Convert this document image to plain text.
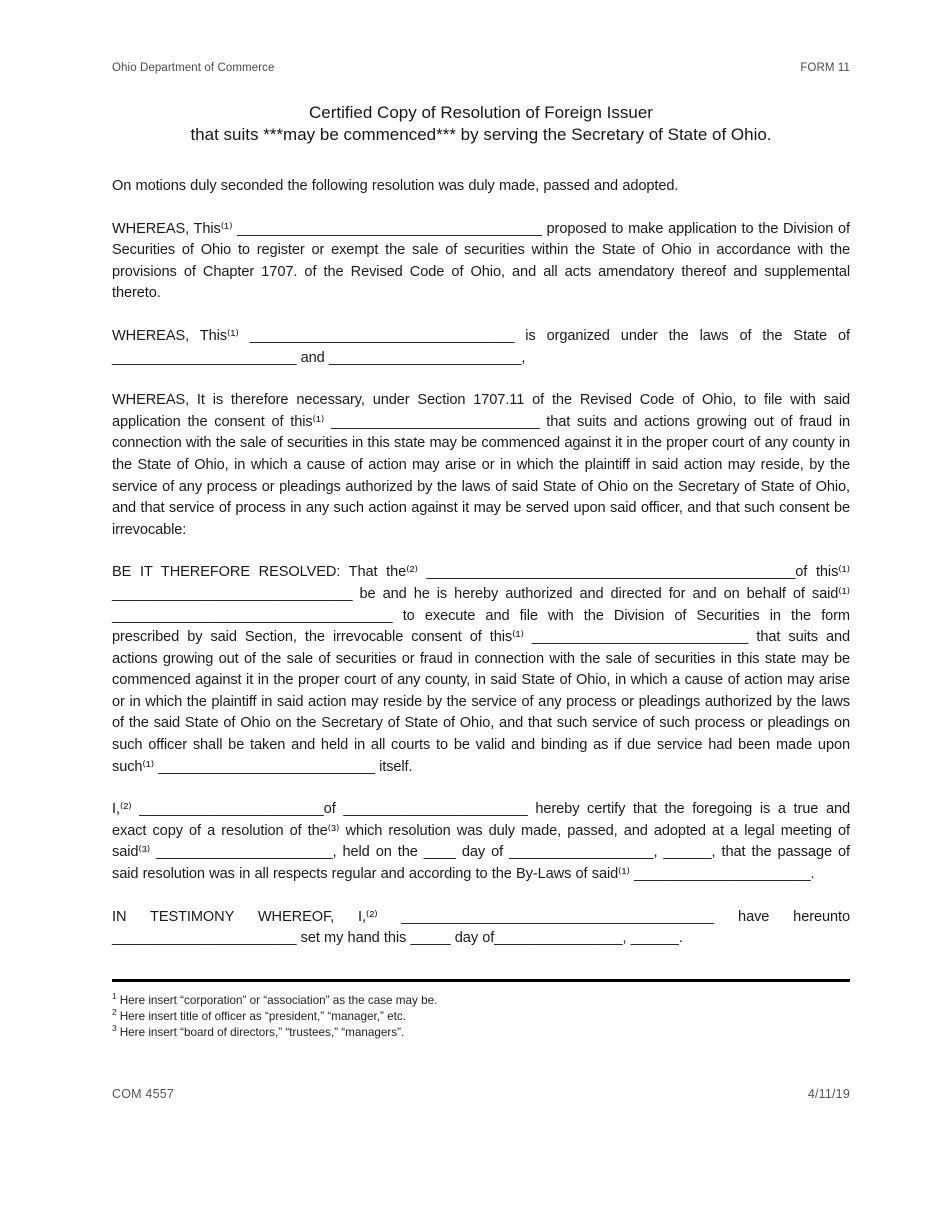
Ohio Department of Commerce	FORM 11
Certified Copy of Resolution of Foreign Issuer
that suits ***may be commenced*** by serving the Secretary of State of Ohio.

On motions duly seconded the following resolution was duly made, passed and adopted.

WHEREAS, This⁽¹⁾ ______________________________________ proposed to make application to the Division of Securities of Ohio to register or exempt the sale of securities within the State of Ohio in accordance with the provisions of Chapter 1707. of the Revised Code of Ohio, and all acts amendatory thereof and supplemental thereto.

WHEREAS, This⁽¹⁾ _________________________________ is organized under the laws of the State of _______________________ and ________________________,

WHEREAS, It is therefore necessary, under Section 1707.11 of the Revised Code of Ohio, to file with said application the consent of this⁽¹⁾ __________________________ that suits and actions growing out of fraud in connection with the sale of securities in this state may be commenced against it in the proper court of any county in the State of Ohio, in which a cause of action may arise or in which the plaintiff in said action may reside, by the service of any process or pleadings authorized by the laws of said State of Ohio on the Secretary of State of Ohio, and that service of process in any such action against it may be served upon said officer, and that such consent be irrevocable:

BE IT THEREFORE RESOLVED: That the⁽²⁾ ______________________________________________of this⁽¹⁾ ______________________________ be and he is hereby authorized and directed for and on behalf of said⁽¹⁾ ___________________________________ to execute and file with the Division of Securities in the form prescribed by said Section, the irrevocable consent of this⁽¹⁾ ___________________________ that suits and actions growing out of the sale of securities or fraud in connection with the sale of securities in this state may be commenced against it in the proper court of any county, in said State of Ohio, in which a cause of action may arise or in which the plaintiff in said action may reside by the service of any process or pleadings authorized by the laws of the said State of Ohio on the Secretary of State of Ohio, and that such service of such process or pleadings on such officer shall be taken and held in all courts to be valid and binding as if due service had been made upon such⁽¹⁾ ___________________________ itself.

I,⁽²⁾ _______________________of _______________________ hereby certify that the foregoing is a true and exact copy of a resolution of the⁽³⁾ which resolution was duly made, passed, and adopted at a legal meeting of said⁽³⁾ ______________________, held on the ____ day of __________________, ______, that the passage of said resolution was in all respects regular and according to the By-Laws of said⁽¹⁾ ______________________.

IN TESTIMONY WHEREOF, I,⁽²⁾ _______________________________________ have hereunto _______________________ set my hand this _____ day of________________, ______.

$^1$ Here insert “corporation” or “association” as the case may be.
$^2$ Here insert title of officer as “president,” “manager,” etc.
$^3$ Here insert “board of directors,” “trustees,” “managers”.
COM 4557	4/11/19
